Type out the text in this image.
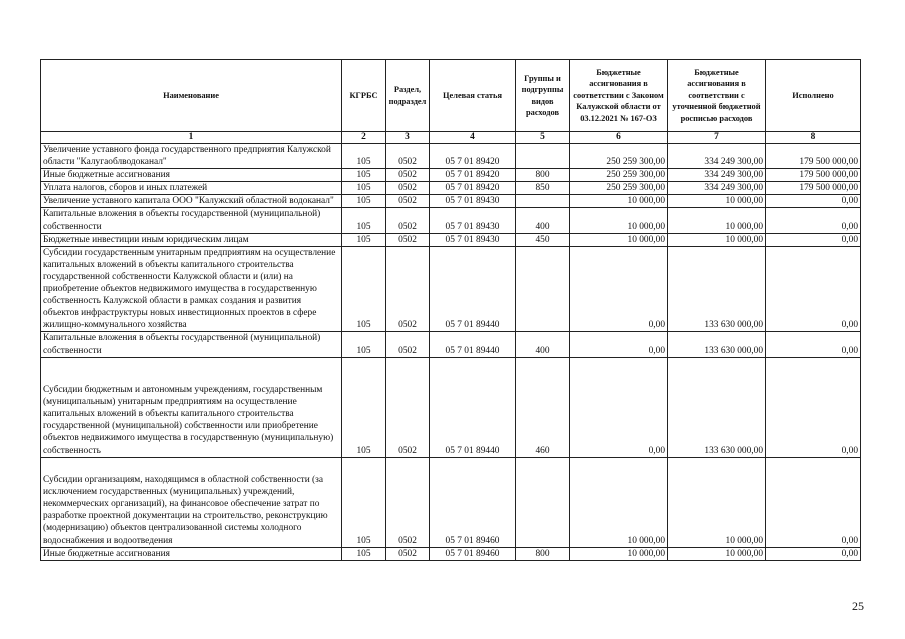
Наименование	КГРБС	Раздел, подраздел	Целевая статья	Группы и подгруппы видов расходов	Бюджетные ассигнования в соответствии с Законом Калужской области от 03.12.2021 № 167-ОЗ	Бюджетные ассигнования в соответствии с уточненной бюджетной росписью расходов	Исполнено
1	2	3	4	5	6	7	8
Увеличение уставного фонда государственного предприятия Калужской области "Калугаоблводоканал"	105	0502	05 7 01 89420		250 259 300,00	334 249 300,00	179 500 000,00
Иные бюджетные ассигнования	105	0502	05 7 01 89420	800	250 259 300,00	334 249 300,00	179 500 000,00
Уплата налогов, сборов и иных платежей	105	0502	05 7 01 89420	850	250 259 300,00	334 249 300,00	179 500 000,00
Увеличение уставного капитала ООО "Калужский областной водоканал"	105	0502	05 7 01 89430		10 000,00	10 000,00	0,00
Капитальные вложения в объекты государственной (муниципальной) собственности	105	0502	05 7 01 89430	400	10 000,00	10 000,00	0,00
Бюджетные инвестиции иным юридическим лицам	105	0502	05 7 01 89430	450	10 000,00	10 000,00	0,00
Субсидии государственным унитарным предприятиям на осуществление капитальных вложений в объекты капитального строительства государственной собственности Калужской области и (или) на приобретение объектов недвижимого имущества в государственную собственность Калужской области в рамках создания и развития объектов инфраструктуры новых инвестиционных проектов в сфере жилищно-коммунального хозяйства	105	0502	05 7 01 89440		0,00	133 630 000,00	0,00
Капитальные вложения в объекты государственной (муниципальной) собственности	105	0502	05 7 01 89440	400	0,00	133 630 000,00	0,00
Субсидии бюджетным и автономным учреждениям, государственным (муниципальным) унитарным предприятиям на осуществление капитальных вложений в объекты капитального строительства государственной (муниципальной) собственности или приобретение объектов недвижимого имущества в государственную (муниципальную) собственность	105	0502	05 7 01 89440	460	0,00	133 630 000,00	0,00
Субсидии организациям, находящимся в областной собственности (за исключением государственных (муниципальных) учреждений, некоммерческих организаций), на финансовое обеспечение затрат по разработке проектной документации на строительство, реконструкцию (модернизацию) объектов централизованной системы холодного водоснабжения и водоотведения	105	0502	05 7 01 89460		10 000,00	10 000,00	0,00
Иные бюджетные ассигнования	105	0502	05 7 01 89460	800	10 000,00	10 000,00	0,00
25
